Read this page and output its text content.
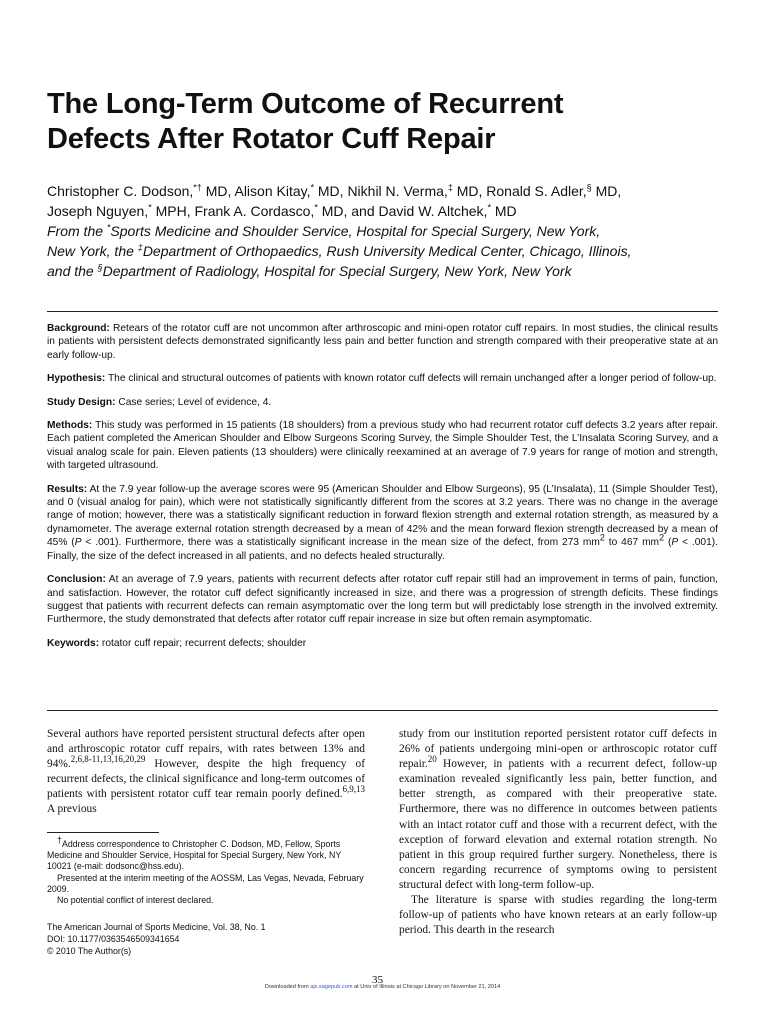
The Long-Term Outcome of Recurrent
Defects After Rotator Cuff Repair
Christopher C. Dodson,*† MD, Alison Kitay,* MD, Nikhil N. Verma,‡ MD, Ronald S. Adler,§ MD,
Joseph Nguyen,* MPH, Frank A. Cordasco,* MD, and David W. Altchek,* MD
From the *Sports Medicine and Shoulder Service, Hospital for Special Surgery, New York,
New York, the ‡Department of Orthopaedics, Rush University Medical Center, Chicago, Illinois,
and the §Department of Radiology, Hospital for Special Surgery, New York, New York

Background: Retears of the rotator cuff are not uncommon after arthroscopic and mini-open rotator cuff repairs. In most studies, the clinical results in patients with persistent defects demonstrated significantly less pain and better function and strength compared with their preoperative state at an early follow-up.

Hypothesis: The clinical and structural outcomes of patients with known rotator cuff defects will remain unchanged after a longer period of follow-up.

Study Design: Case series; Level of evidence, 4.

Methods: This study was performed in 15 patients (18 shoulders) from a previous study who had recurrent rotator cuff defects 3.2 years after repair. Each patient completed the American Shoulder and Elbow Surgeons Scoring Survey, the Simple Shoulder Test, the L’Insalata Scoring Survey, and a visual analog scale for pain. Eleven patients (13 shoulders) were clinically reexamined at an average of 7.9 years for range of motion and strength, with targeted ultrasound.

Results: At the 7.9 year follow-up the average scores were 95 (American Shoulder and Elbow Surgeons), 95 (L’Insalata), 11 (Simple Shoulder Test), and 0 (visual analog for pain), which were not statistically significantly different from the scores at 3.2 years. There was no change in the average range of motion; however, there was a statistically significant reduction in forward flexion strength and external rotation strength, as measured by a dynamometer. The average external rotation strength decreased by a mean of 42% and the mean forward flexion strength decreased by a mean of 45% (P < .001). Furthermore, there was a statistically significant increase in the mean size of the defect, from 273 $mm^2$ to 467 $mm^2$ (P < .001). Finally, the size of the defect increased in all patients, and no defects healed structurally.

Conclusion: At an average of 7.9 years, patients with recurrent defects after rotator cuff repair still had an improvement in terms of pain, function, and satisfaction. However, the rotator cuff defect significantly increased in size, and there was a progression of strength deficits. These findings suggest that patients with recurrent defects can remain asymptomatic over the long term but will predictably lose strength in the involved extremity. Furthermore, the study demonstrated that defects after rotator cuff repair increase in size but often remain asymptomatic.

Keywords: rotator cuff repair; recurrent defects; shoulder

Several authors have reported persistent structural defects after open and arthroscopic rotator cuff repairs, with rates between 13% and 94%.$^{2,6,8-11,13,16,20,29}$ However, despite the high frequency of recurrent defects, the clinical significance and long-term outcomes of patients with persistent rotator cuff tear remain poorly defined.$^{6,9,13}$ A previous

†Address correspondence to Christopher C. Dodson, MD, Fellow, Sports Medicine and Shoulder Service, Hospital for Special Surgery, New York, NY 10021 (e-mail: dodsonc@hss.edu).

Presented at the interim meeting of the AOSSM, Las Vegas, Nevada, February 2009.

No potential conflict of interest declared.

The American Journal of Sports Medicine, Vol. 38, No. 1
DOI: 10.1177/0363546509341654
© 2010 The Author(s)

study from our institution reported persistent rotator cuff defects in 26% of patients undergoing mini-open or arthroscopic rotator cuff repair.$^{20}$ However, in patients with a recurrent defect, follow-up examination revealed significantly less pain, better function, and better strength, as compared with their preoperative state. Furthermore, there was no difference in outcomes between patients with an intact rotator cuff and those with a recurrent defect, with the exception of forward elevation and external rotation strength. No patient in this group required further surgery. Nonetheless, there is concern regarding recurrence of symptoms owing to persistent structural defect with long-term follow-up.

The literature is sparse with studies regarding the long-term follow-up of patients who have known retears at an early follow-up period. This dearth in the research

35
Downloaded from ajs.sagepub.com at Univ of Illinois at Chicago Library on November 21, 2014
